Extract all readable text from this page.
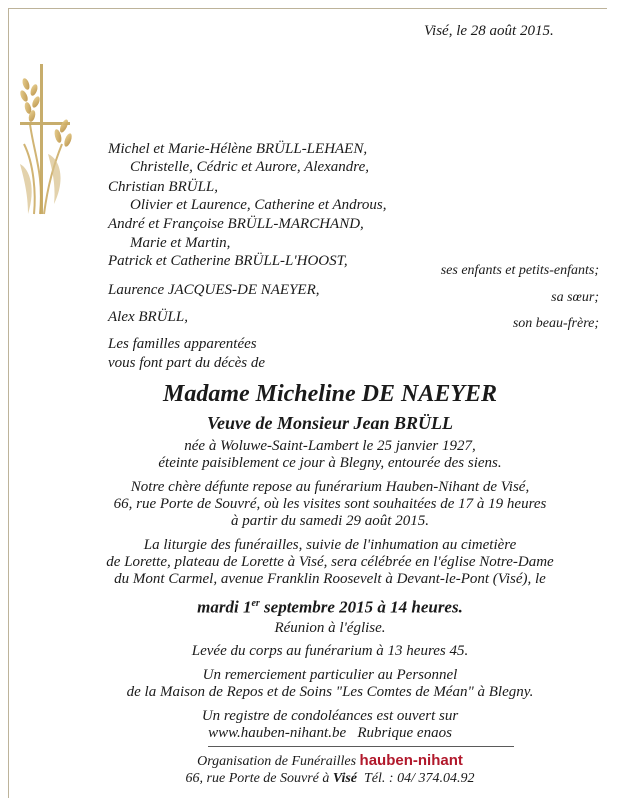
Visé, le 28 août 2015.
Michel et Marie-Hélène BRÜLL-LEHAEN,
Christelle, Cédric et Aurore, Alexandre,
Christian BRÜLL,
Olivier et Laurence, Catherine et Androus,
André et Françoise BRÜLL-MARCHAND,
Marie et Martin,
Patrick et Catherine BRÜLL-L'HOOST,
Laurence JACQUES-DE NAEYER,
Alex BRÜLL,
Les familles apparentées
vous font part du décès de
ses enfants et petits-enfants;
sa sœur;
son beau-frère;
Madame Micheline DE NAEYER
Veuve de Monsieur Jean BRÜLL
née à Woluwe-Saint-Lambert le 25 janvier 1927,
éteinte paisiblement ce jour à Blegny, entourée des siens.
Notre chère défunte repose au funérarium Hauben-Nihant de Visé,
66, rue Porte de Souvré, où les visites sont souhaitées de 17 à 19 heures
à partir du samedi 29 août 2015.
La liturgie des funérailles, suivie de l'inhumation au cimetière
de Lorette, plateau de Lorette à Visé, sera célébrée en l'église Notre-Dame
du Mont Carmel, avenue Franklin Roosevelt à Devant-le-Pont (Visé), le
mardi 1er septembre 2015 à 14 heures.
Réunion à l'église.
Levée du corps au funérarium à 13 heures 45.
Un remerciement particulier au Personnel
de la Maison de Repos et de Soins "Les Comtes de Méan" à Blegny.
Un registre de condoléances est ouvert sur
www.hauben-nihant.be Rubrique enaos
Organisation de Funérailles hauben-nihant
66, rue Porte de Souvré à Visé Tél. : 04/ 374.04.92
